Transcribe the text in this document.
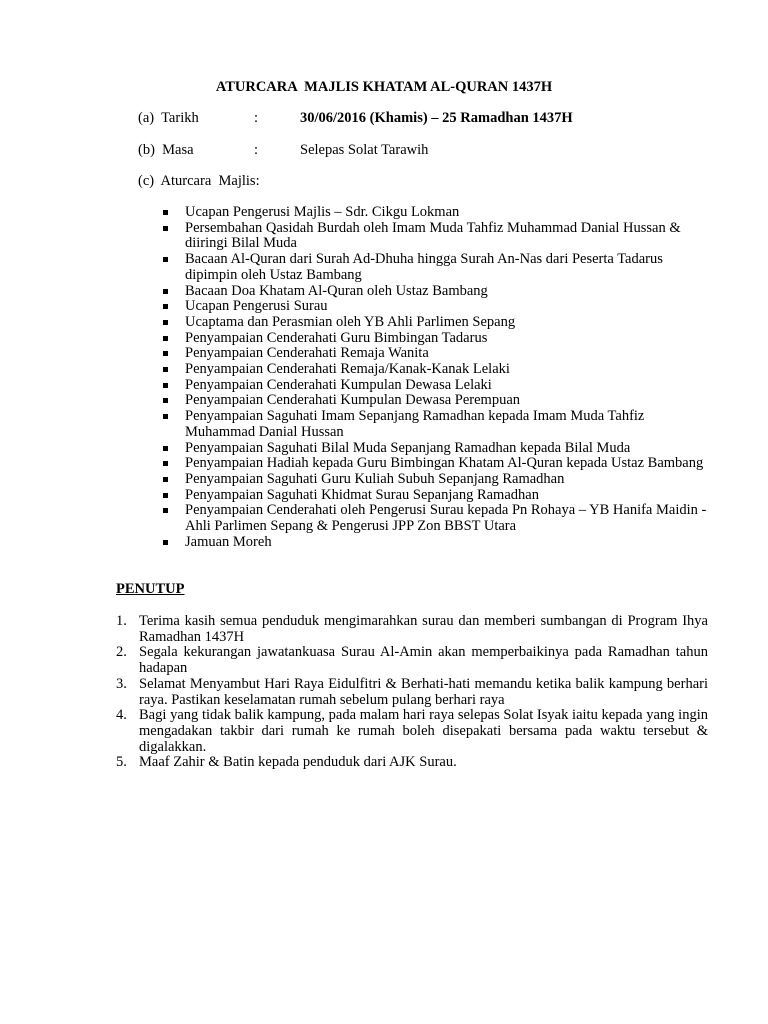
ATURCARA  MAJLIS KHATAM AL-QURAN 1437H
(a)  Tarikh	:	30/06/2016 (Khamis) – 25 Ramadhan 1437H
(b)  Masa	:	Selepas Solat Tarawih
(c)  Aturcara  Majlis:
Ucapan Pengerusi Majlis – Sdr. Cikgu Lokman
Persembahan Qasidah Burdah oleh Imam Muda Tahfiz Muhammad Danial Hussan & diiringi Bilal Muda
Bacaan Al-Quran dari Surah Ad-Dhuha hingga Surah An-Nas dari Peserta Tadarus dipimpin oleh Ustaz Bambang
Bacaan Doa Khatam Al-Quran oleh Ustaz Bambang
Ucapan Pengerusi Surau
Ucaptama dan Perasmian oleh YB Ahli Parlimen Sepang
Penyampaian Cenderahati Guru Bimbingan Tadarus
Penyampaian Cenderahati Remaja Wanita
Penyampaian Cenderahati Remaja/Kanak-Kanak Lelaki
Penyampaian Cenderahati Kumpulan Dewasa Lelaki
Penyampaian Cenderahati Kumpulan Dewasa Perempuan
Penyampaian Saguhati Imam Sepanjang Ramadhan kepada Imam Muda Tahfiz Muhammad Danial Hussan
Penyampaian Saguhati Bilal Muda Sepanjang Ramadhan kepada Bilal Muda
Penyampaian Hadiah kepada Guru Bimbingan Khatam Al-Quran kepada Ustaz Bambang
Penyampaian Saguhati Guru Kuliah Subuh Sepanjang Ramadhan
Penyampaian Saguhati Khidmat Surau Sepanjang Ramadhan
Penyampaian Cenderahati oleh Pengerusi Surau kepada Pn Rohaya – YB Hanifa Maidin - Ahli Parlimen Sepang & Pengerusi JPP Zon BBST Utara
Jamuan Moreh
PENUTUP
1. Terima kasih semua penduduk mengimarahkan surau dan memberi sumbangan di Program Ihya Ramadhan 1437H
2. Segala kekurangan jawatankuasa Surau Al-Amin akan memperbaikinya pada Ramadhan tahun hadapan
3. Selamat Menyambut Hari Raya Eidulfitri & Berhati-hati memandu ketika balik kampung berhari raya. Pastikan keselamatan rumah sebelum pulang berhari raya
4. Bagi yang tidak balik kampung, pada malam hari raya selepas Solat Isyak iaitu kepada yang ingin mengadakan takbir dari rumah ke rumah boleh disepakati bersama pada waktu tersebut & digalakkan.
5. Maaf Zahir & Batin kepada penduduk dari AJK Surau.
